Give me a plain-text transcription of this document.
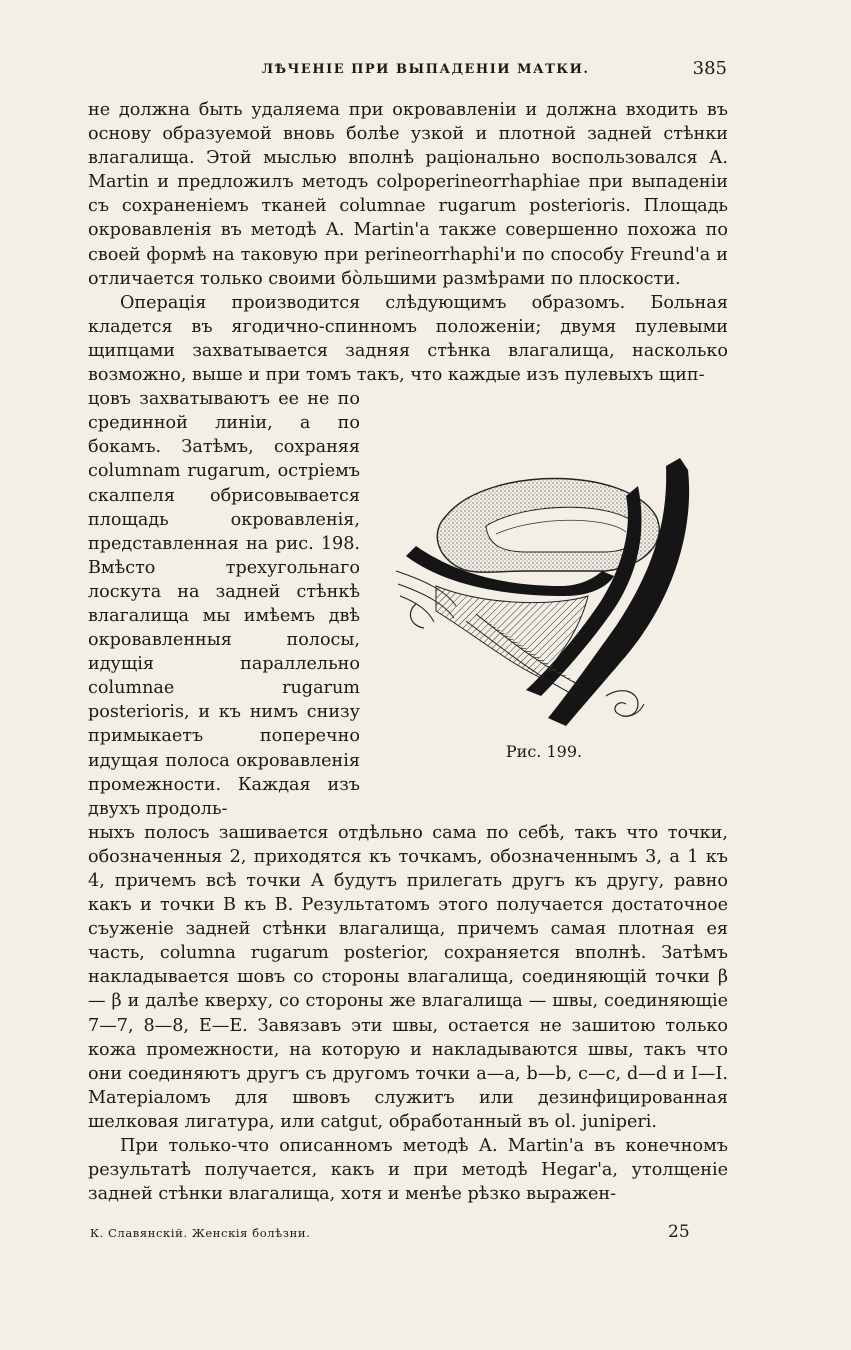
ЛѢЧЕНІЕ ПРИ ВЫПАДЕНІИ МАТКИ.	385

не должна быть удаляема при окровавленіи и должна входить въ основу образуемой вновь болѣе узкой и плотной задней стѣнки влагалища. Этой мыслью вполнѣ раціонально воспользовался А. Martin и предложилъ методъ colpoperineorrhaphiae при выпаденіи съ сохраненіемъ тканей columnae rugarum posterioris. Площадь окровавленія въ методѣ А. Martin'а также совершенно похожа по своей формѣ на таковую при perineorrhaphi'и по способу Freund'а и отличается только своими бо̀льшими размѣрами по плоскости.

Операція производится слѣдующимъ образомъ. Больная кладется въ ягодично-спинномъ положеніи; двумя пулевыми щипцами захватывается задняя стѣнка влагалища, насколько возможно, выше и при томъ такъ, что каждые изъ пулевыхъ щип-

цовъ захватываютъ ее не по срединной линіи, а по бокамъ. Затѣмъ, сохраняя columnam rugarum, остріемъ скалпеля обрисовывается площадь окровавленія, представленная на рис. 198. Вмѣсто трехугольнаго лоскута на задней стѣнкѣ влагалища мы имѣемъ двѣ окровавленныя полосы, идущія параллельно columnae rugarum posterioris, и къ нимъ снизу примыкаетъ поперечно идущая полоса окровавленія промежности. Каждая изъ двухъ продоль-

ныхъ полосъ зашивается отдѣльно сама по себѣ, такъ что точки, обозначенныя 2, приходятся къ точкамъ, обозначеннымъ 3, а 1 къ 4, причемъ всѣ точки А будутъ прилегать другъ къ другу, равно какъ и точки В къ В. Результатомъ этого получается достаточное съуженіе задней стѣнки влагалища, причемъ самая плотная ея часть, columna rugarum posterior, сохраняется вполнѣ. Затѣмъ накладывается шовъ со стороны влагалища, соединяющій точки β — β и далѣе кверху, со стороны же влагалища — швы, соединяющіе 7—7, 8—8, Е—Е. Завязавъ эти швы, остается не зашитою только кожа промежности, на которую и накладываются швы, такъ что они соединяютъ другъ съ другомъ точки a—a, b—b, c—c, d—d и I—I. Матеріаломъ для швовъ служитъ или дезинфицированная шелковая лигатура, или catgut, обработанный въ ol. juniperi.

При только-что описанномъ методѣ А. Martin'а въ конечномъ результатѣ получается, какъ и при методѣ Hegar'а, утолщеніе задней стѣнки влагалища, хотя и менѣе рѣзко выражен-

Рис. 199.
К. Славянскій. Женскія болѣзни.	25
